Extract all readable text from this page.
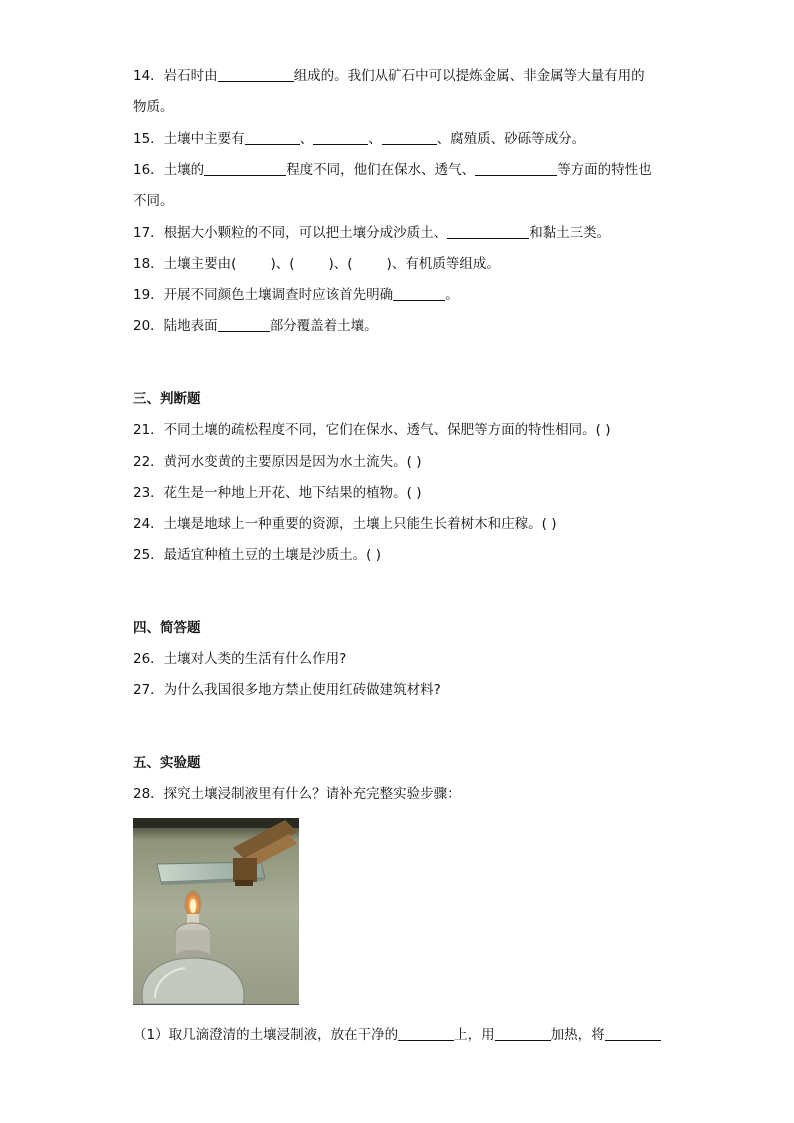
14．岩石时由	组成的。我们从矿石中可以提炼金属、非金属等大量有用的
物质。
15．土壤中主要有	、	、	、腐殖质、砂砾等成分。
16．土壤的	程度不同，他们在保水、透气、	等方面的特性也
不同。
17．根据大小颗粒的不同，可以把土壤分成沙质土、	和黏土三类。
18．土壤主要由(	)、(	)、(	)、有机质等组成。
19．开展不同颜色土壤调查时应该首先明确	。
20．陆地表面	部分覆盖着土壤。
三、判断题
21．不同土壤的疏松程度不同，它们在保水、透气、保肥等方面的特性相同。( )
22．黄河水变黄的主要原因是因为水土流失。( )
23．花生是一种地上开花、地下结果的植物。( )
24．土壤是地球上一种重要的资源，土壤上只能生长着树木和庄稼。( )
25．最适宜种植土豆的土壤是沙质土。( )
四、简答题
26．土壤对人类的生活有什么作用?
27．为什么我国很多地方禁止使用红砖做建筑材料?
五、实验题
28．探究土壤浸制液里有什么？请补充完整实验步骤：
（1）取几滴澄清的土壤浸制液，放在干净的	上，用	加热，将
